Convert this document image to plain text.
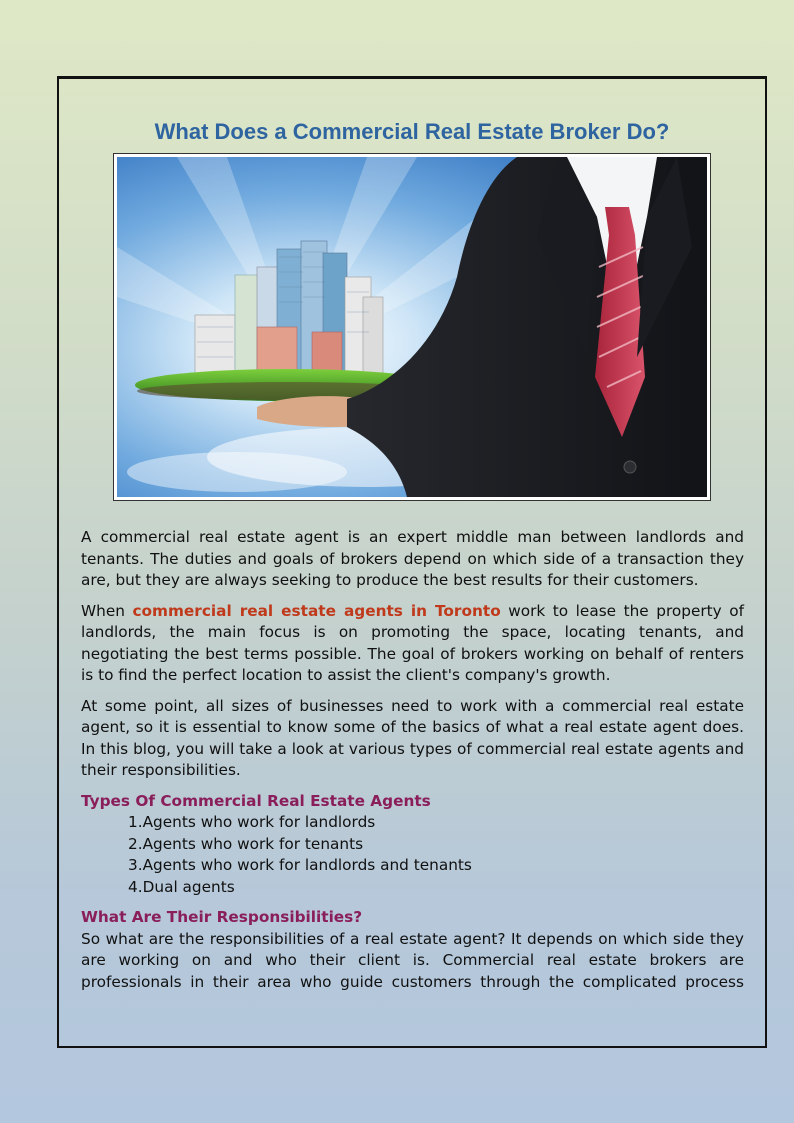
What Does a Commercial Real Estate Broker Do?

A commercial real estate agent is an expert middle man between landlords and tenants. The duties and goals of brokers depend on which side of a transaction they are, but they are always seeking to produce the best results for their customers.

When commercial real estate agents in Toronto work to lease the property of landlords, the main focus is on promoting the space, locating tenants, and negotiating the best terms possible. The goal of brokers working on behalf of renters is to find the perfect location to assist the client's company's growth.

At some point, all sizes of businesses need to work with a commercial real estate agent, so it is essential to know some of the basics of what a real estate agent does. In this blog, you will take a look at various types of commercial real estate agents and their responsibilities.

Types Of Commercial Real Estate Agents
1.Agents who work for landlords
2.Agents who work for tenants
3.Agents who work for landlords and tenants
4.Dual agents
What Are Their Responsibilities?

So what are the responsibilities of a real estate agent? It depends on which side they are working on and who their client is. Commercial real estate brokers are professionals in their area who guide customers through the complicated process
